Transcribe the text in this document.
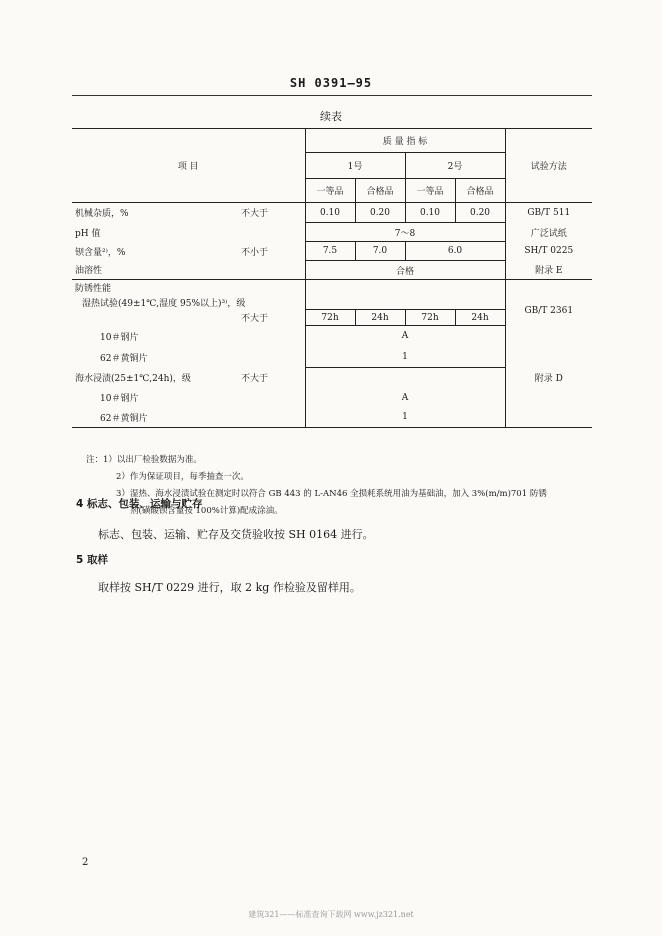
SH 0391—95
续表
项 目		质 量 指 标				试验方法
		1号		2号		
		一等品	合格品	一等品	合格品	
机械杂质，%	不大于	0.10	0.20	0.10	0.20	GB/T 511
pH 值		7～8				广泛试纸
钡含量²⁾，%	不小于	7.5	7.0	6.0		SH/T 0225
油溶性		合格				附录 E
防锈性能						
湿热试验(49±1℃,湿度 95%以上)³⁾，级						GB/T 2361
	不大于	72h	24h	72h	24h	
10＃钢片		A				
62＃黄铜片		1				
海水浸渍(25±1℃,24h)，级	不大于					附录 D
10＃钢片		A				
62＃黄铜片		1				
注：1）以出厂检验数据为准。
2）作为保证项目，每季抽查一次。
3）湿热、海水浸渍试验在测定时以符合 GB 443 的 L-AN46 全损耗系统用油为基础油，加入 3%(m/m)701 防锈
剂(磺酸钡含量按 100%计算)配成涂油。
4 标志、包装、运输与贮存
标志、包装、运输、贮存及交货验收按 SH 0164 进行。
5 取样
取样按 SH/T 0229 进行，取 2 kg 作检验及留样用。
2
建筑321——标准查询下载网 www.jz321.net
